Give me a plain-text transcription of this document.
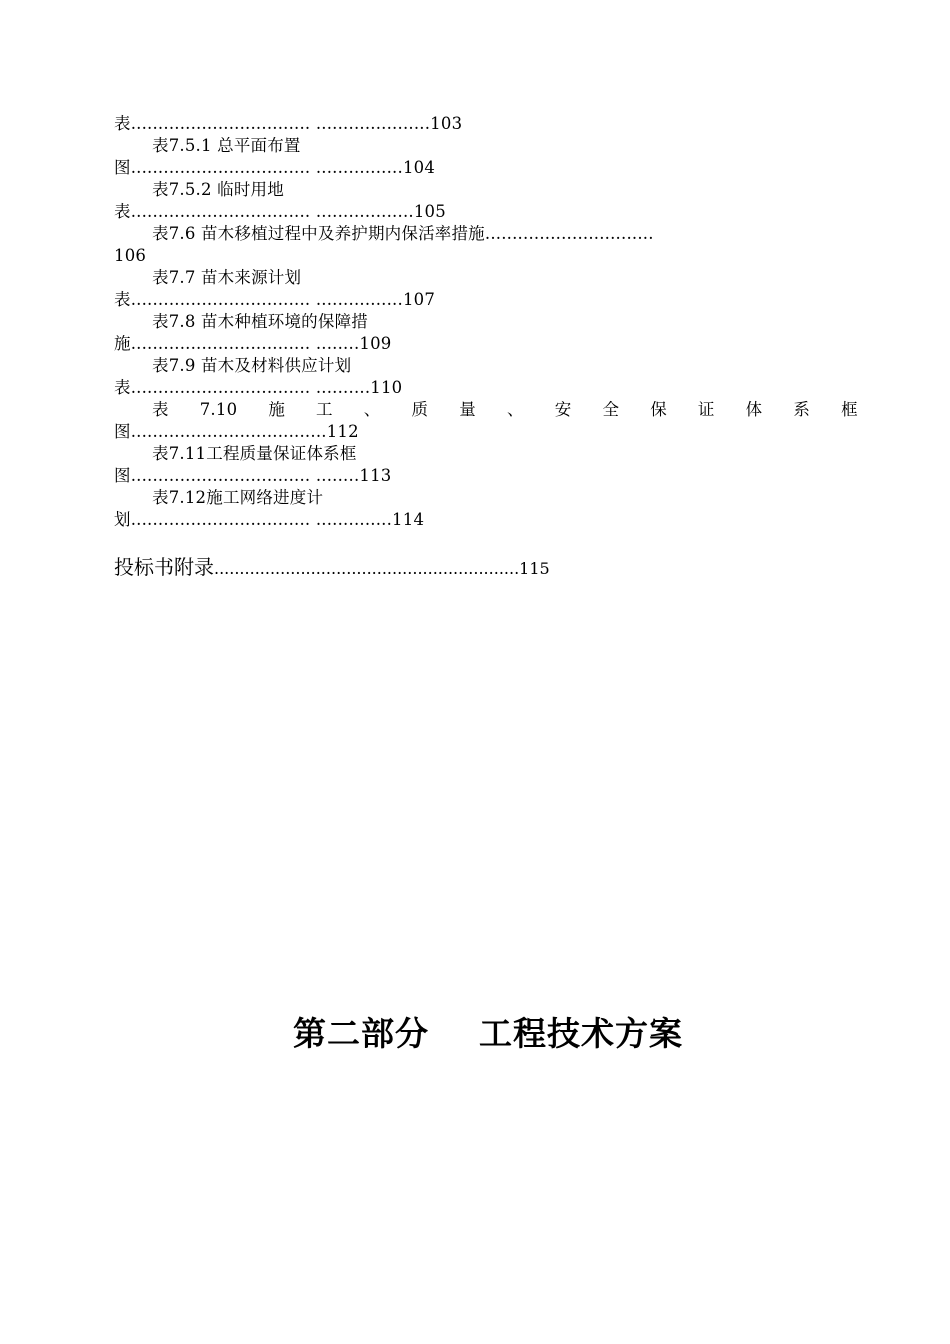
表................................. .....................103
表7.5.1 总平面布置
图................................. ................104
表7.5.2 临时用地
表................................. ..................105
表7.6 苗木移植过程中及养护期内保活率措施...............................
106
表7.7 苗木来源计划
表................................. ................107
表7.8 苗木种植环境的保障措
施................................. ........109
表7.9 苗木及材料供应计划
表................................. ..........110
表 7.10 施 工 、 质 量 、 安 全 保 证 体 系 框
图....................................112
表7.11工程质量保证体系框
图................................. ........113
表7.12施工网络进度计
划................................. ..............114
投标书附录............................................................115
第二部分    工程技术方案
